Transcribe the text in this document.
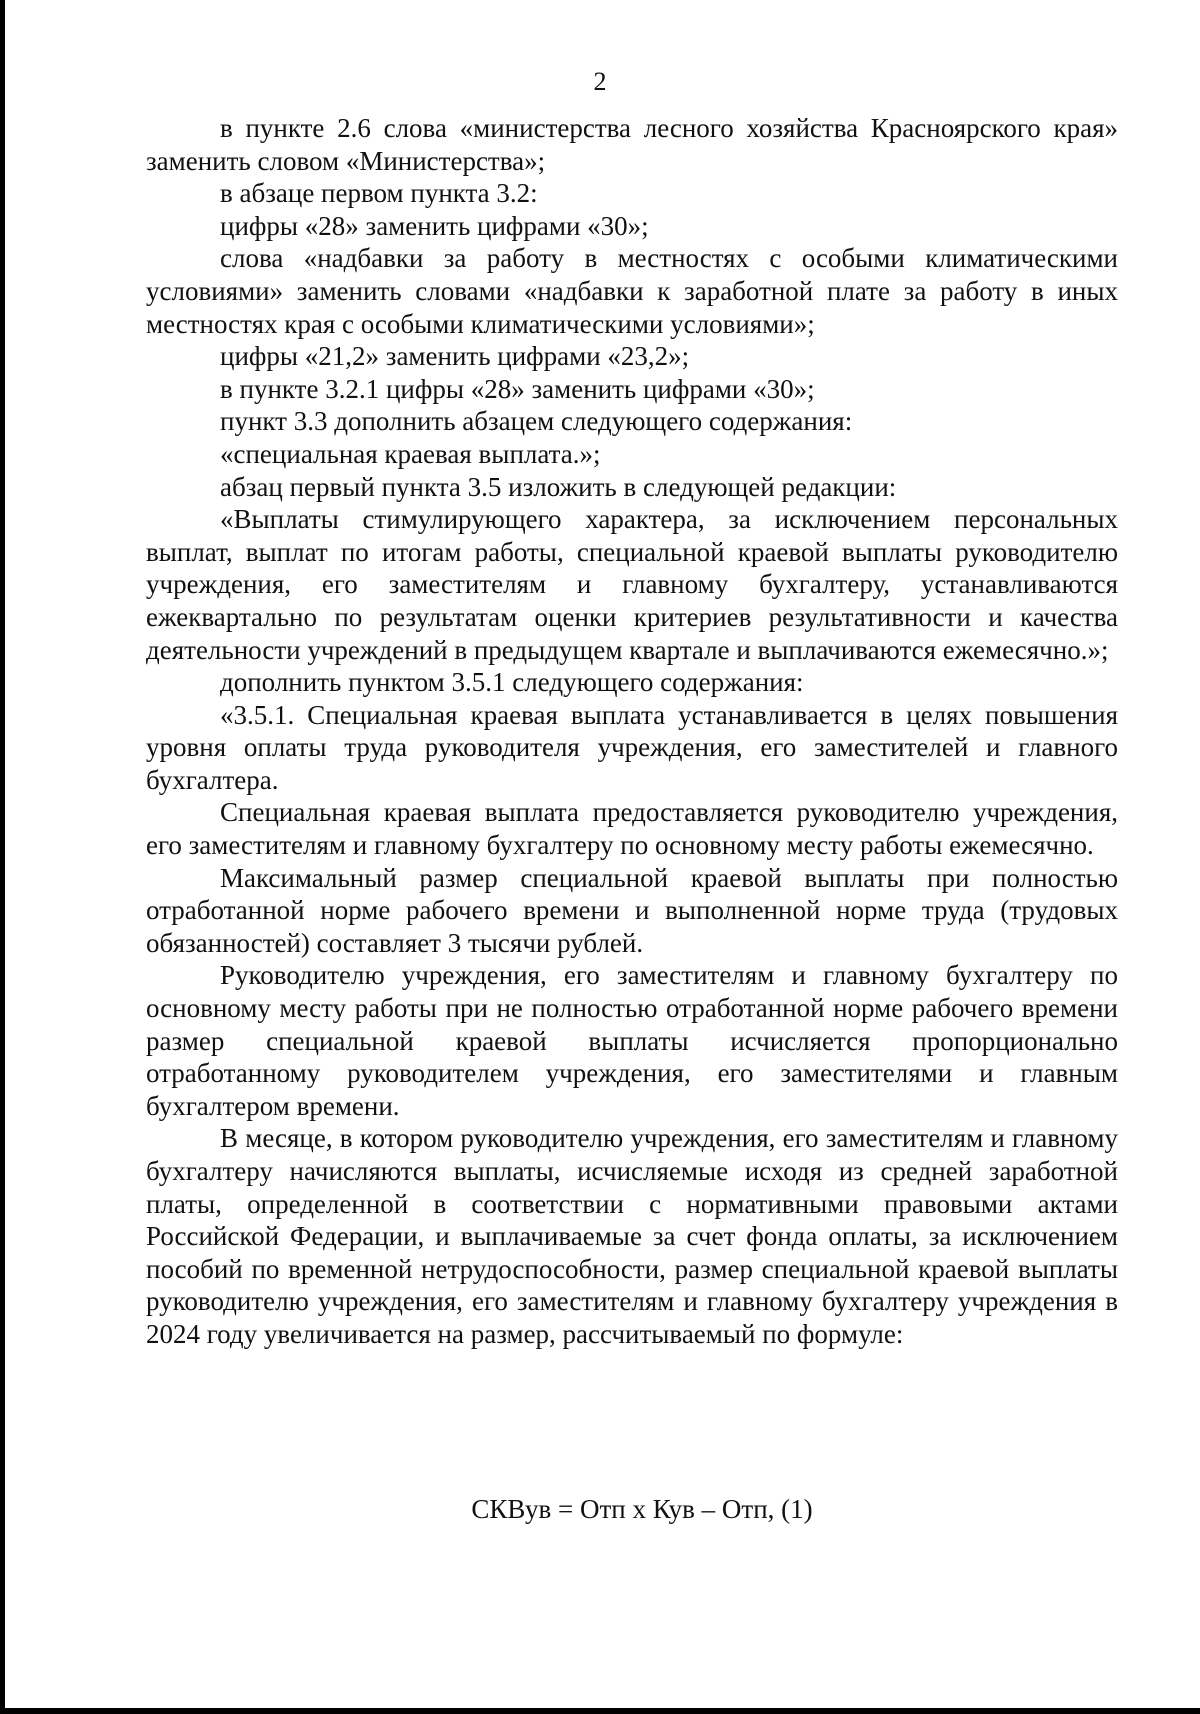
2

в пункте 2.6 слова «министерства лесного хозяйства Красноярского края» заменить словом «Министерства»;

в абзаце первом пункта 3.2:

цифры «28» заменить цифрами «30»;

слова «надбавки за работу в местностях с особыми климатическими условиями» заменить словами «надбавки к заработной плате за работу в иных местностях края с особыми климатическими условиями»;

цифры «21,2» заменить цифрами «23,2»;

в пункте 3.2.1 цифры «28» заменить цифрами «30»;

пункт 3.3 дополнить абзацем следующего содержания:

«специальная краевая выплата.»;

абзац первый пункта 3.5 изложить в следующей редакции:

«Выплаты стимулирующего характера, за исключением персональных выплат, выплат по итогам работы, специальной краевой выплаты руководителю учреждения, его заместителям и главному бухгалтеру, устанавливаются ежеквартально по результатам оценки критериев результативности и качества деятельности учреждений в предыдущем квартале и выплачиваются ежемесячно.»;

дополнить пунктом 3.5.1 следующего содержания:

«3.5.1. Специальная краевая выплата устанавливается в целях повышения уровня оплаты труда руководителя учреждения, его заместителей и главного бухгалтера.

Специальная краевая выплата предоставляется руководителю учреждения, его заместителям и главному бухгалтеру по основному месту работы ежемесячно.

Максимальный размер специальной краевой выплаты при полностью отработанной норме рабочего времени и выполненной норме труда (трудовых обязанностей) составляет 3 тысячи рублей.

Руководителю учреждения, его заместителям и главному бухгалтеру по основному месту работы при не полностью отработанной норме рабочего времени размер специальной краевой выплаты исчисляется пропорционально отработанному руководителем учреждения, его заместителями и главным бухгалтером времени.

В месяце, в котором руководителю учреждения, его заместителям и главному бухгалтеру начисляются выплаты, исчисляемые исходя из средней заработной платы, определенной в соответствии с нормативными правовыми актами Российской Федерации, и выплачиваемые за счет фонда оплаты, за исключением пособий по временной нетрудоспособности, размер специальной краевой выплаты руководителю учреждения, его заместителям и главному бухгалтеру учреждения в 2024 году увеличивается на размер, рассчитываемый по формуле:

СКВув = Отп х Кув – Отп, (1)
